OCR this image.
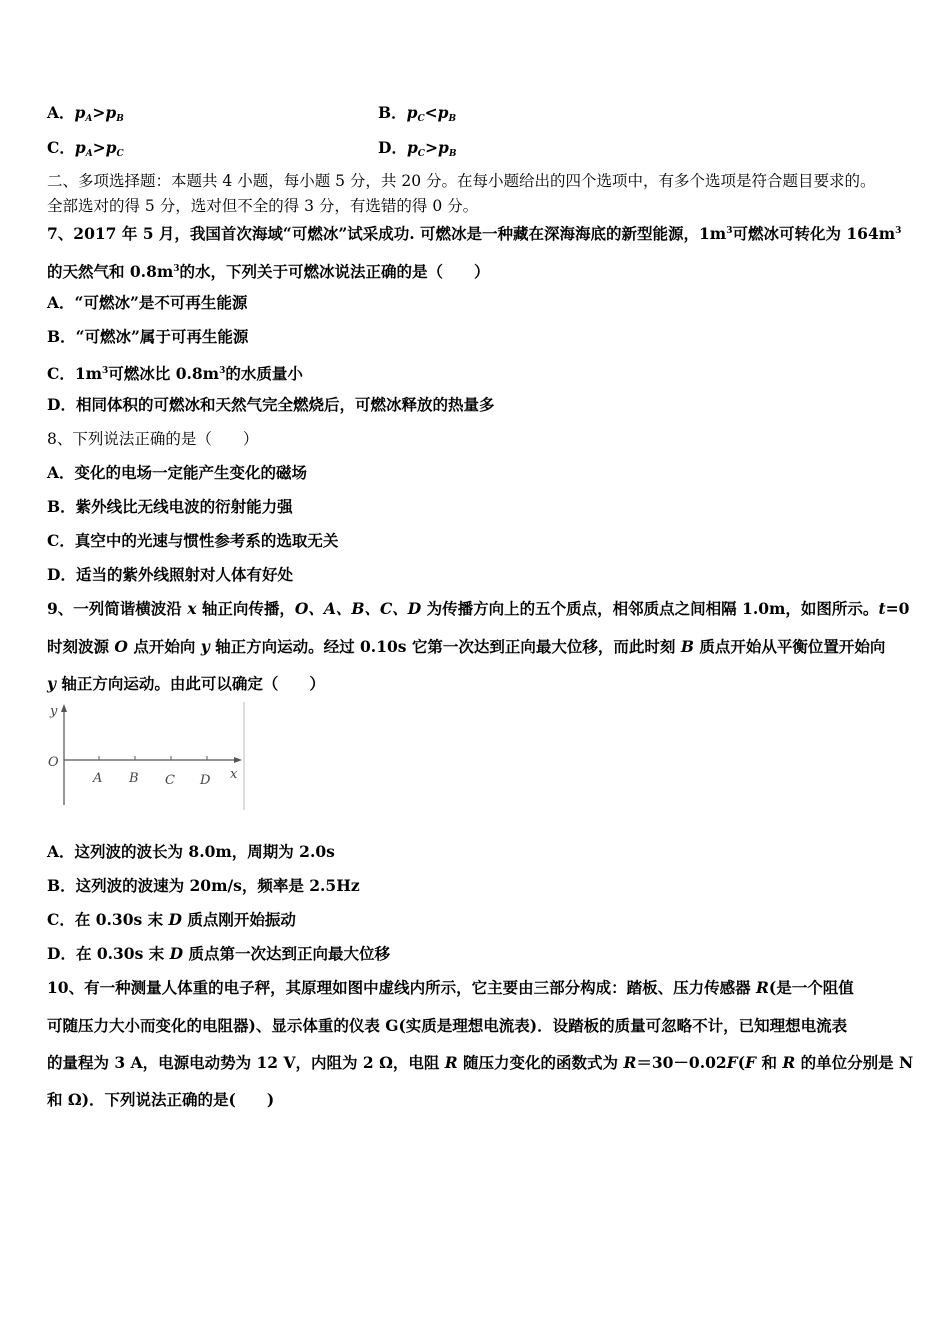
A．$p_A>p_B$	B．$p_C<p_B$
C．$p_A>p_C$	D．$p_C>p_B$
二、多项选择题：本题共 4 小题，每小题 5 分，共 20 分。在每小题给出的四个选项中，有多个选项是符合题目要求的。
全部选对的得 5 分，选对但不全的得 3 分，有选错的得 0 分。
7、2017 年 5 月，我国首次海域“可燃冰”试采成功. 可燃冰是一种藏在深海海底的新型能源，$1m^3$可燃冰可转化为 $164m^3$
的天然气和 $0.8m^3$的水，下列关于可燃冰说法正确的是（　　）
A．“可燃冰”是不可再生能源
B．“可燃冰”属于可再生能源
C．$1m^3$可燃冰比 $0.8m^3$的水质量小
D．相同体积的可燃冰和天然气完全燃烧后，可燃冰释放的热量多
8、下列说法正确的是（　　）
A．变化的电场一定能产生变化的磁场
B．紫外线比无线电波的衍射能力强
C．真空中的光速与惯性参考系的选取无关
D．适当的紫外线照射对人体有好处
9、一列简谐横波沿 x 轴正向传播，O、A、B、C、D 为传播方向上的五个质点，相邻质点之间相隔 1.0m，如图所示。t=0
时刻波源 O 点开始向 y 轴正方向运动。经过 0.10s 它第一次达到正向最大位移，而此时刻 B 质点开始从平衡位置开始向
y 轴正方向运动。由此可以确定（　　）
y
O
A B C D x
A．这列波的波长为 8.0m，周期为 2.0s
B．这列波的波速为 20m/s，频率是 2.5Hz
C．在 0.30s 末 D 质点刚开始振动
D．在 0.30s 末 D 质点第一次达到正向最大位移
10、有一种测量人体重的电子秤，其原理如图中虚线内所示，它主要由三部分构成：踏板、压力传感器 R(是一个阻值
可随压力大小而变化的电阻器)、显示体重的仪表 G(实质是理想电流表)．设踏板的质量可忽略不计，已知理想电流表
的量程为 3 A，电源电动势为 12 V，内阻为 2 Ω，电阻 R 随压力变化的函数式为 R＝30－0.02F(F 和 R 的单位分别是 N
和 Ω)．下列说法正确的是(　　)
